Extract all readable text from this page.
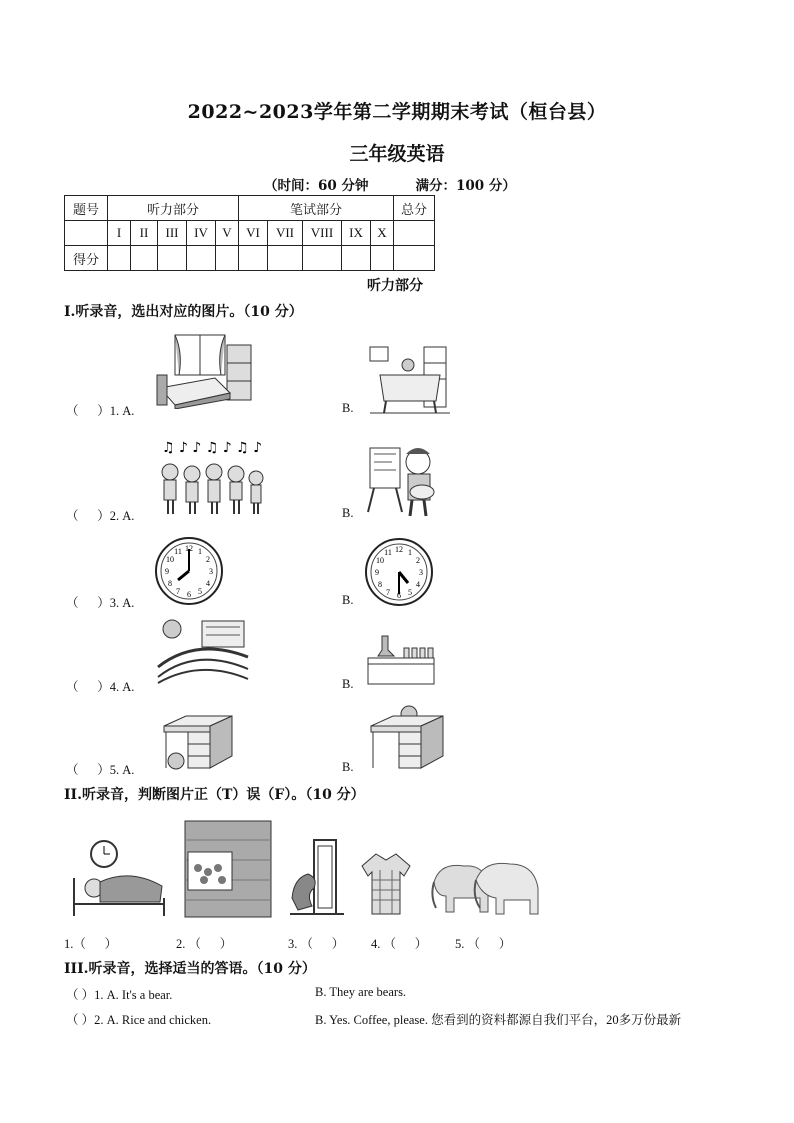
2022~2023学年第二学期期末考试（桓台县）
三年级英语
（时间：60 分钟          满分：100 分）
题号	听力部分					笔试部分					总分
	I	II	III	IV	V	VI	VII	VIII	IX	X	
得分											
听力部分
I.听录音，选出对应的图片。（10 分）
（      ）1. A.	B.
（      ）2. A.
♫ ♪ ♪ ♫ ♪ ♫ ♪
B.
（      ）3. A.
12 1
2
3
4
5
6
7
8
9
10
11
B.
12 1
2
3
4
5
6
7
8
9
10
11
（      ）4. A.	B.
（      ）5. A.	B.
II.听录音，判断图片正（T）误（F）。（10 分）
1.（      ）	2. （      ）	3. （      ） 4. （      ） 5. （      ）
III.听录音，选择适当的答语。（10 分）
（ ）1. A. It's a bear.	B. They are bears.
（ ）2. A. Rice and chicken.	B. Yes. Coffee, please. 您看到的资料都源自我们平台，20多万份最新
